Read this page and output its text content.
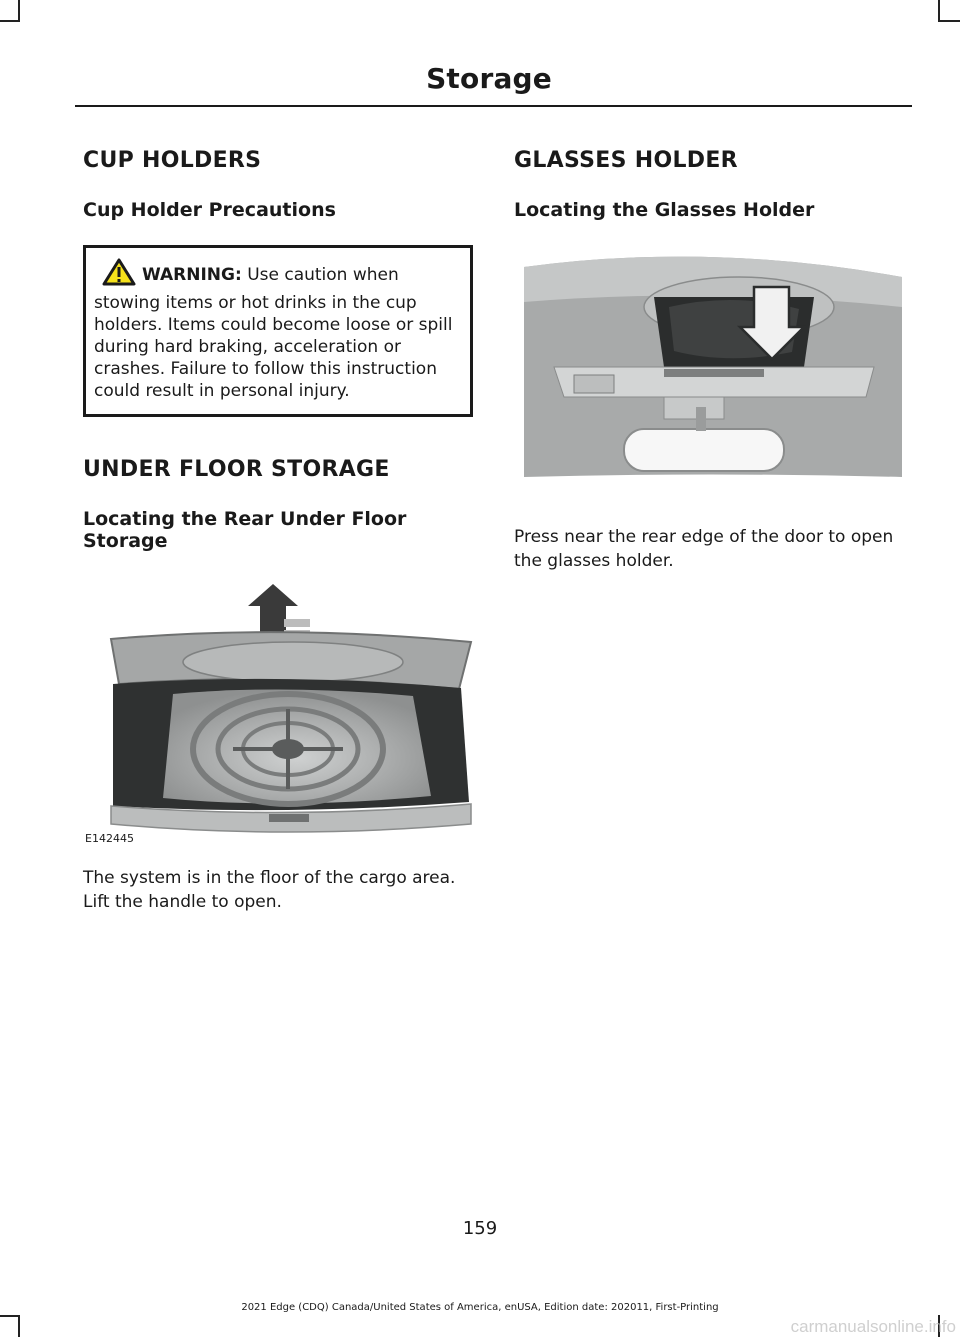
Storage
CUP HOLDERS
Cup Holder Precautions
WARNING: Use caution when stowing items or hot drinks in the cup holders. Items could become loose or spill during hard braking, acceleration or crashes. Failure to follow this instruction could result in personal injury.
UNDER FLOOR STORAGE
Locating the Rear Under Floor Storage
E142445

The system is in the floor of the cargo area. Lift the handle to open.

GLASSES HOLDER
Locating the Glasses Holder

Press near the rear edge of the door to open the glasses holder.

159
2021 Edge (CDQ) Canada/United States of America, enUSA, Edition date: 202011, First-Printing
carmanualsonline.info
